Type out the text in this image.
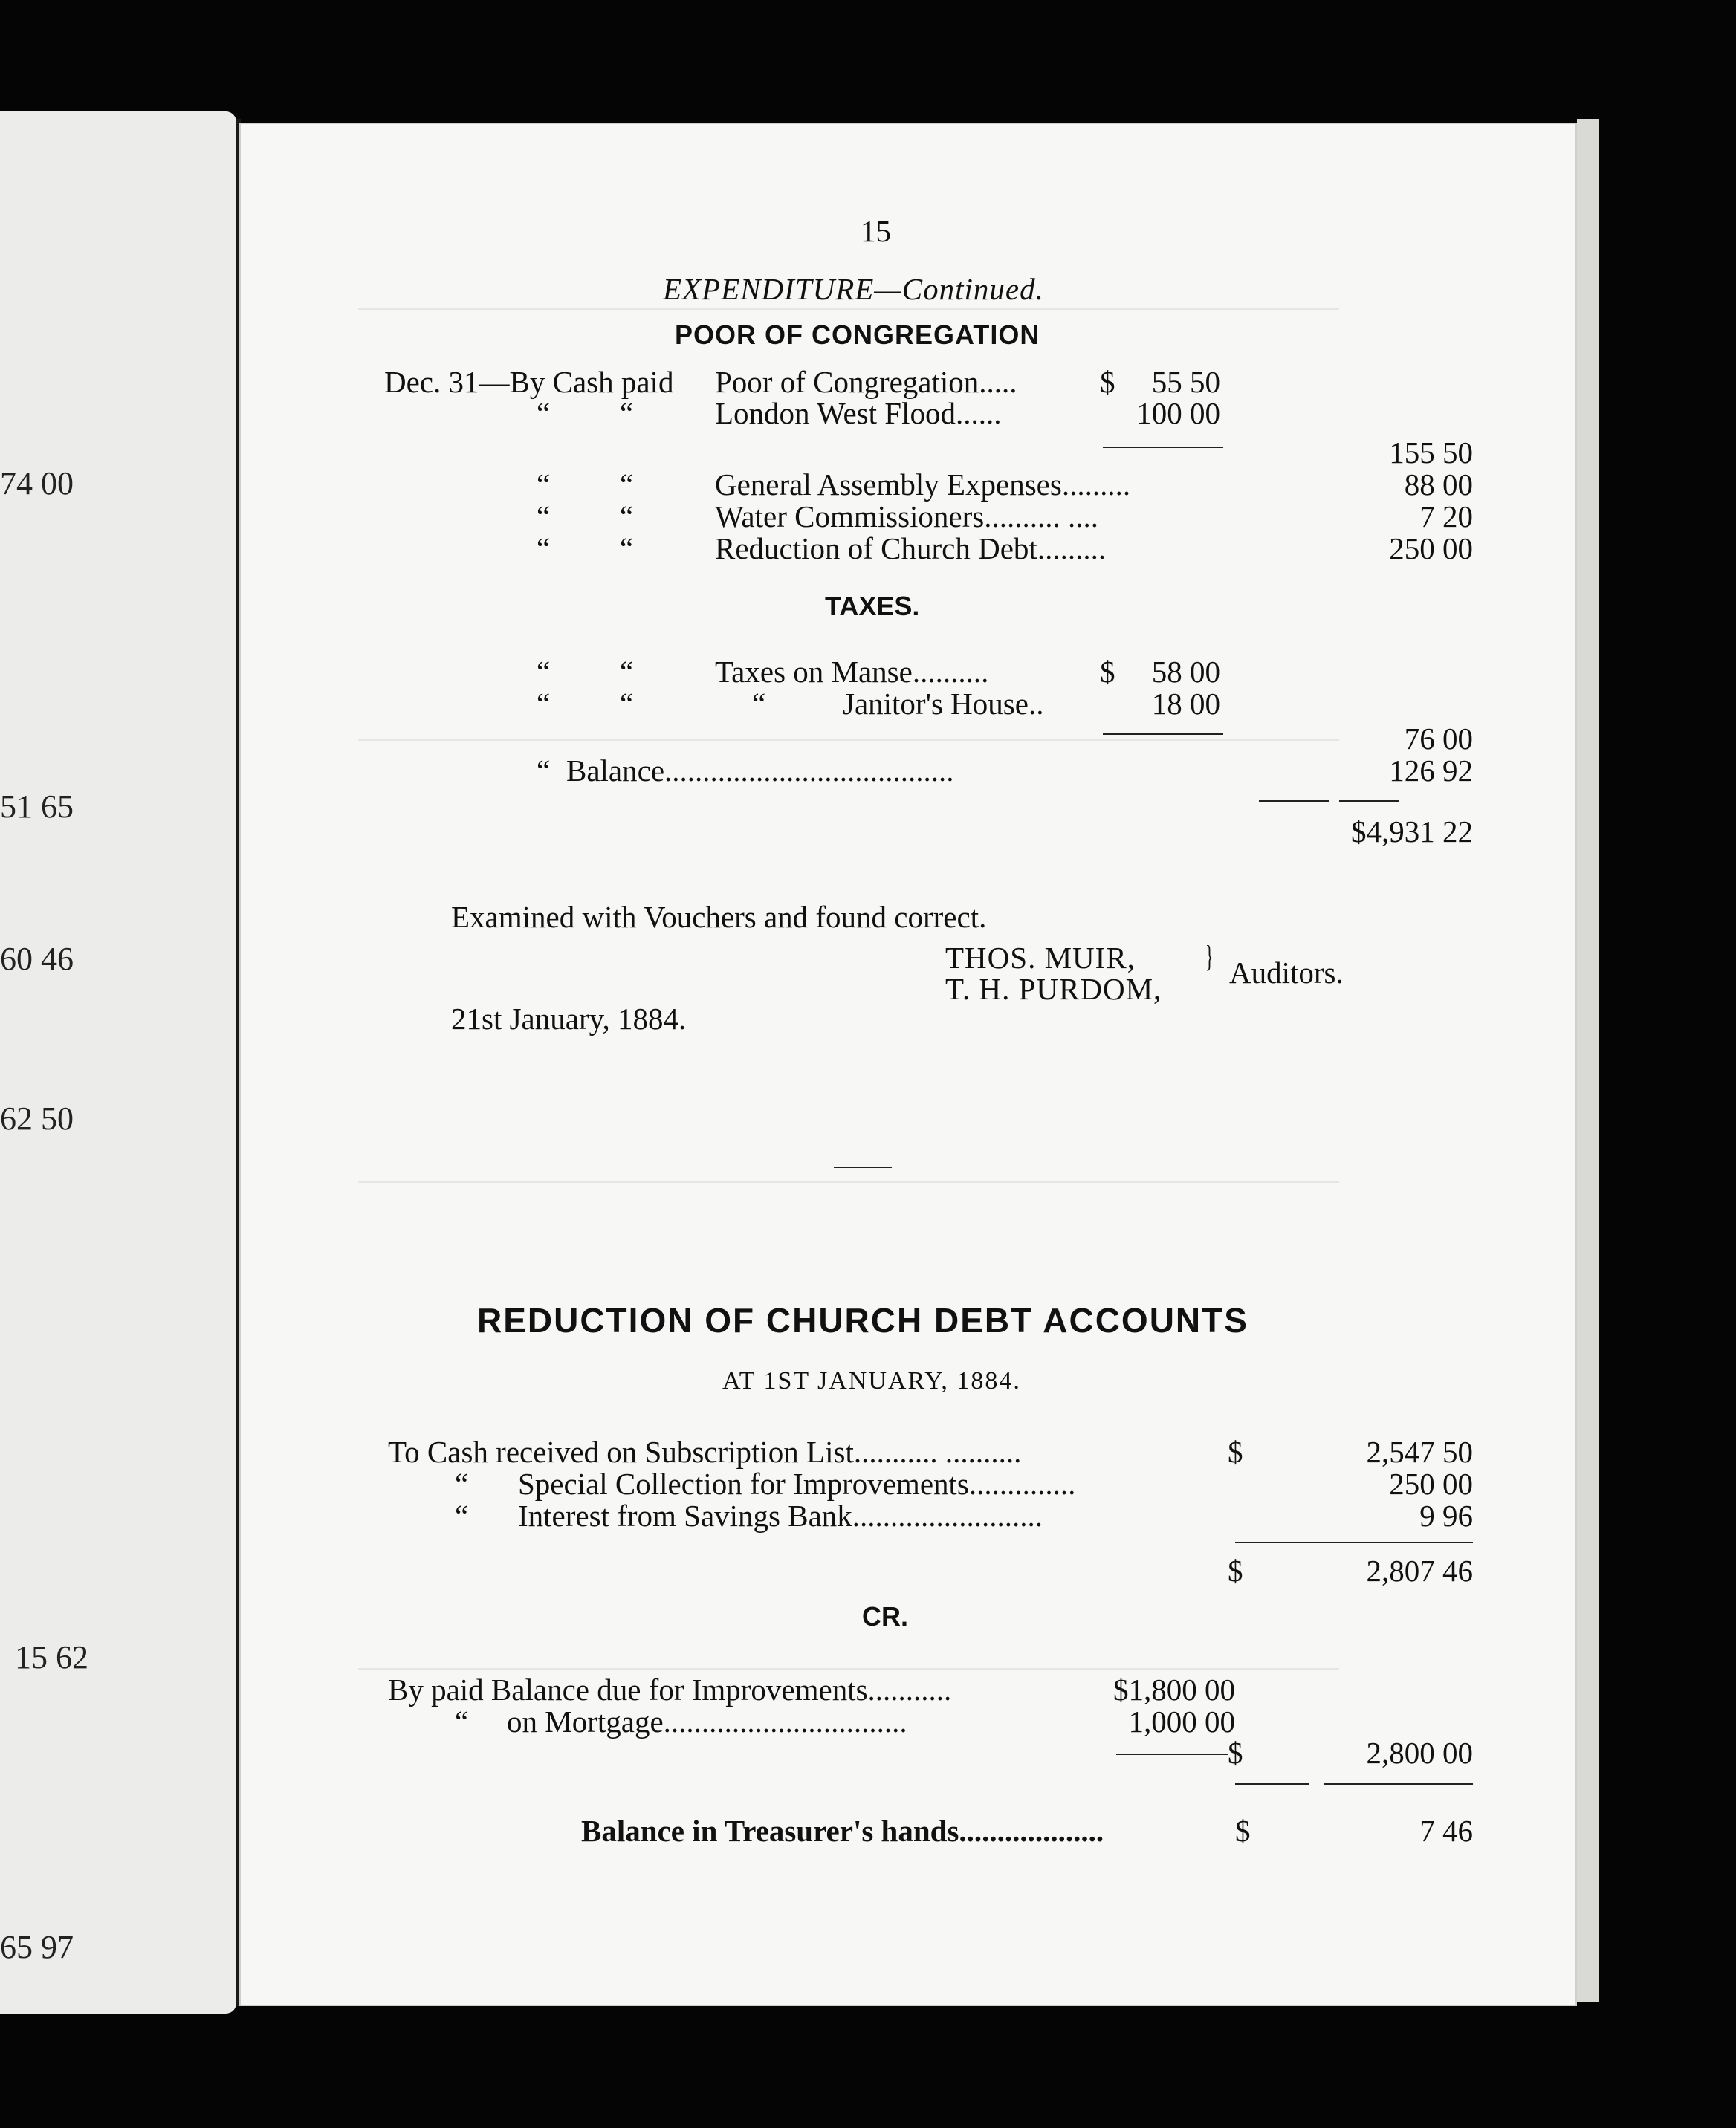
74 00
51 65
60 46
62 50
15 62
65 97
15
EXPENDITURE—Continued.
POOR OF CONGREGATION
Dec. 31—By Cash paid Poor of Congregation.....	$	55 50
“ “	London West Flood......	100 00
155 50
“ “	General Assembly Expenses.........	88 00
“ “	Water Commissioners.......... ....	7 20
“ “	Reduction of Church Debt.........	250 00
TAXES.
“ “	Taxes on Manse..........	$	58 00
“ “	“	Janitor's House..	18 00
76 00
“ Balance......................................	126 92
$4,931 22
Examined with Vouchers and found correct.
THOS. MUIR,
T. H. PURDOM,
} Auditors.
21st January, 1884.
REDUCTION OF CHURCH DEBT ACCOUNTS
AT 1ST JANUARY, 1884.
To Cash received on Subscription List........... ..........	$	2,547 50
“ Special Collection for Improvements..............	250 00
“ Interest from Savings Bank.........................	9 96
$	2,807 46
CR.
By paid Balance due for Improvements...........	$1,800 00
“ on Mortgage................................	1,000 00
$	2,800 00
Balance in Treasurer's hands...................	$	7 46
